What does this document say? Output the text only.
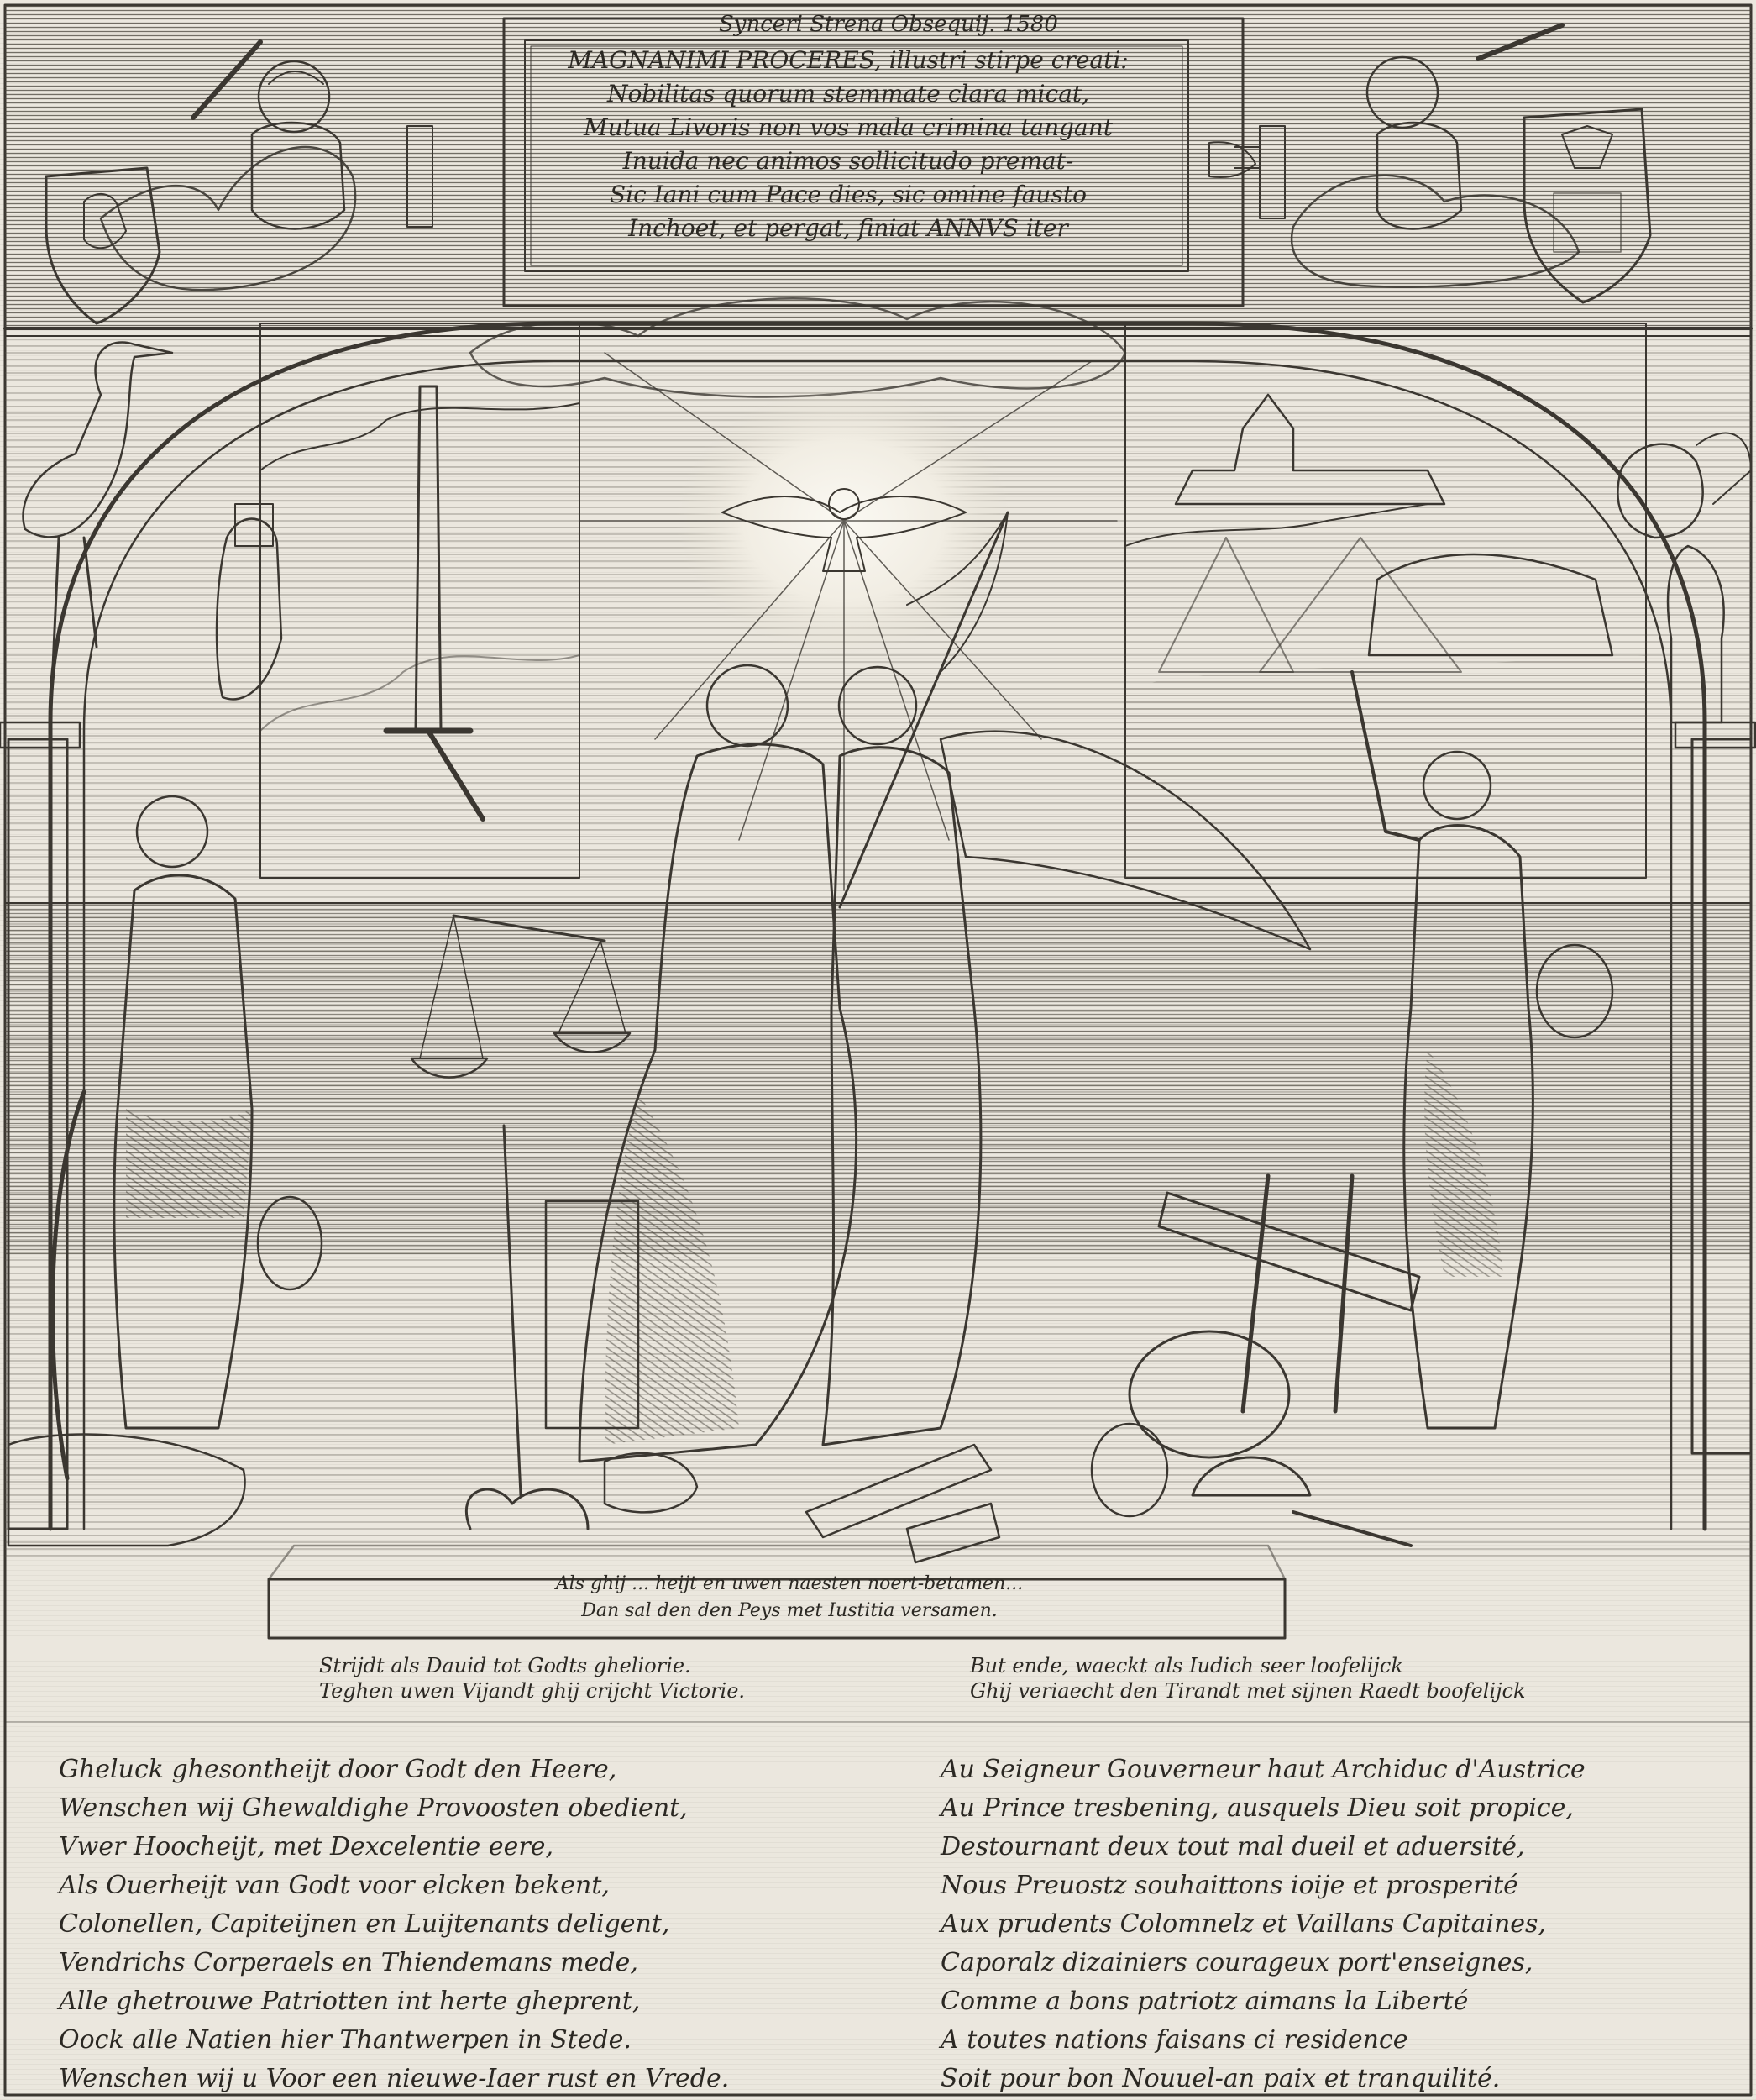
Synceri Strena Obsequij. 1580
MAGNANIMI PROCERES, illustri stirpe creati:
Nobilitas quorum stemmate clara micat,
Mutua Livoris non vos mala crimina tangant
Inuida nec animos sollicitudo premat-
Sic Iani cum Pace dies, sic omine fausto
Inchoet, et pergat, finiat ANNVS iter
Als ghij ... heijt en uwen naesten noert-betamen...
Dan sal den den Peys met Iustitia versamen.
Strijdt als Dauid tot Godts gheliorie.
Teghen uwen Vijandt ghij crijcht Victorie.
But ende, waeckt als Iudich seer loofelijck
Ghij veriaecht den Tirandt met sijnen Raedt boofelijck
Gheluck ghesontheijt door Godt den Heere,
Wenschen wij Ghewaldighe Provoosten obedient,
Vwer Hoocheijt, met Dexcelentie eere,
Als Ouerheijt van Godt voor elcken bekent,
Colonellen, Capiteijnen en Luijtenants deligent,
Vendrichs Corperaels en Thiendemans mede,
Alle ghetrouwe Patriotten int herte gheprent,
Oock alle Natien hier Thantwerpen in Stede.
Wenschen wij u Voor een nieuwe-Iaer rust en Vrede.
Au Seigneur Gouverneur haut Archiduc d'Austrice
Au Prince tresbening, ausquels Dieu soit propice,
Destournant deux tout mal dueil et aduersité,
Nous Preuostz souhaittons ioije et prosperité
Aux prudents Colomnelz et Vaillans Capitaines,
Caporalz dizainiers courageux port'enseignes,
Comme a bons patriotz aimans la Liberté
A toutes nations faisans ci residence
Soit pour bon Nouuel-an paix et tranquilité.
